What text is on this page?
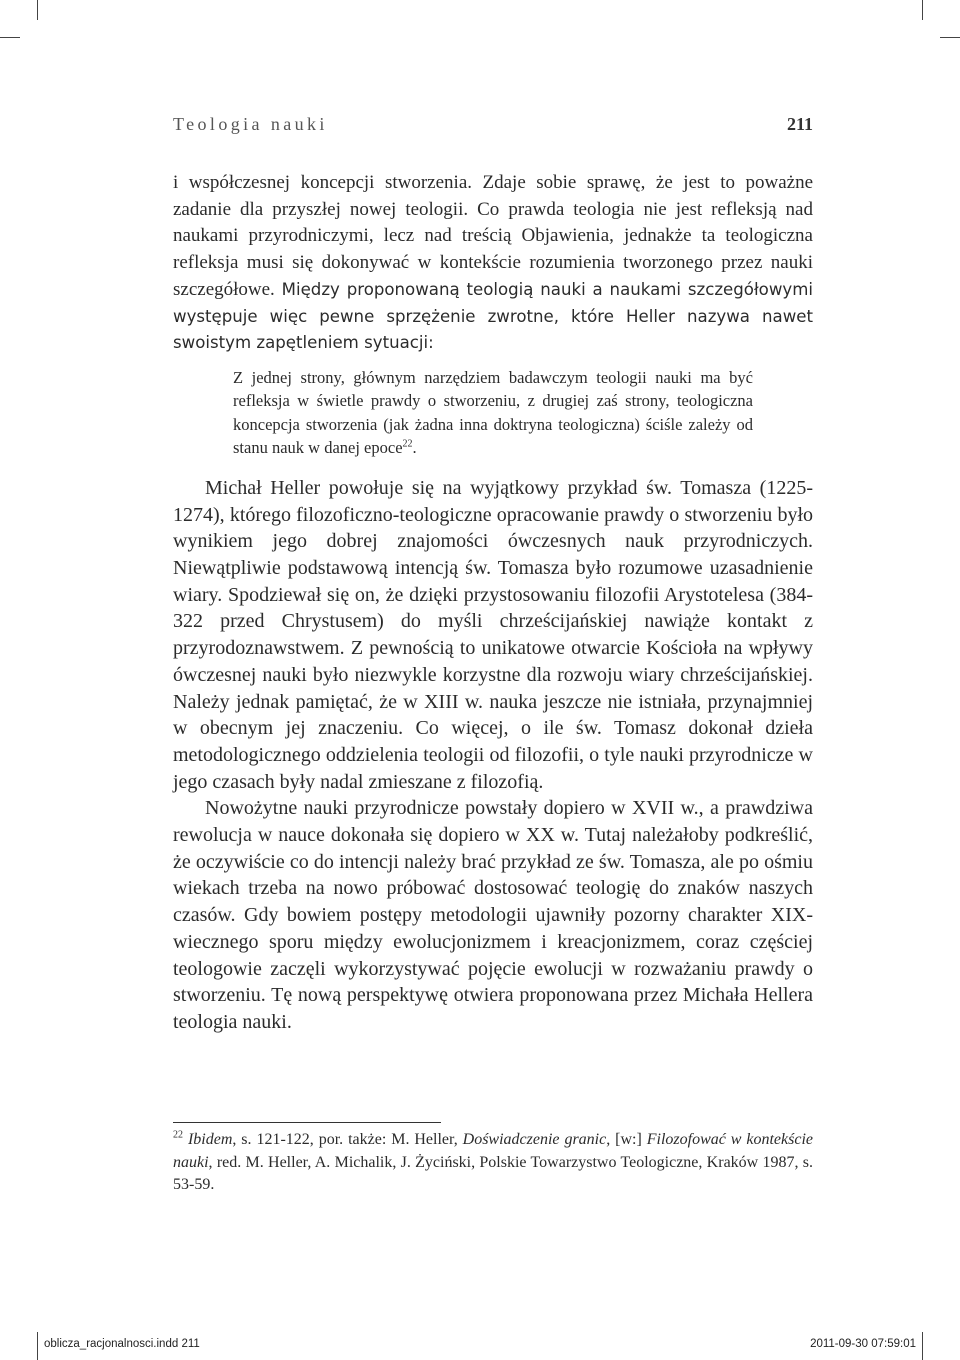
Teologia nauki	211

i współczesnej koncepcji stworzenia. Zdaje sobie sprawę, że jest to poważne zadanie dla przyszłej nowej teologii. Co prawda teologia nie jest refleksją nad naukami przyrodniczymi, lecz nad treścią Objawienia, jednakże ta teologiczna refleksja musi się dokonywać w kontekście rozumienia tworzonego przez nauki szczegółowe. Między proponowaną teologią nauki a naukami szczegółowymi występuje więc pewne sprzężenie zwrotne, które Heller nazywa nawet swoistym zapętleniem sytuacji:

Z jednej strony, głównym narzędziem badawczym teologii nauki ma być refleksja w świetle prawdy o stworzeniu, z drugiej zaś strony, teologiczna koncepcja stworzenia (jak żadna inna doktryna teologiczna) ściśle zależy od stanu nauk w danej epoce$^{22}$.

Michał Heller powołuje się na wyjątkowy przykład św. Tomasza (1225-1274), którego filozoficzno-teologiczne opracowanie prawdy o stworzeniu było wynikiem jego dobrej znajomości ówczesnych nauk przyrodniczych. Niewątpliwie podstawową intencją św. Tomasza było rozumowe uzasadnienie wiary. Spodziewał się on, że dzięki przystosowaniu filozofii Arystotelesa (384-322 przed Chrystusem) do myśli chrześcijańskiej nawiąże kontakt z przyrodoznawstwem. Z pewnością to unikatowe otwarcie Kościoła na wpływy ówczesnej nauki było niezwykle korzystne dla rozwoju wiary chrześcijańskiej. Należy jednak pamiętać, że w XIII w. nauka jeszcze nie istniała, przynajmniej w obecnym jej znaczeniu. Co więcej, o ile św. Tomasz dokonał dzieła metodologicznego oddzielenia teologii od filozofii, o tyle nauki przyrodnicze w jego czasach były nadal zmieszane z filozofią.

Nowożytne nauki przyrodnicze powstały dopiero w XVII w., a prawdziwa rewolucja w nauce dokonała się dopiero w XX w. Tutaj należałoby podkreślić, że oczywiście co do intencji należy brać przykład ze św. Tomasza, ale po ośmiu wiekach trzeba na nowo próbować dostosować teologię do znaków naszych czasów. Gdy bowiem postępy metodologii ujawniły pozorny charakter XIX-wiecznego sporu między ewolucjonizmem i kreacjonizmem, coraz częściej teologowie zaczęli wykorzystywać pojęcie ewolucji w rozważaniu prawdy o stworzeniu. Tę nową perspektywę otwiera proponowana przez Michała Hellera teologia nauki.

$^{22}$ Ibidem, s. 121-122, por. także: M. Heller, Doświadczenie granic, [w:] Filozofować w kontekście nauki, red. M. Heller, A. Michalik, J. Życiński, Polskie Towarzystwo Teologiczne, Kraków 1987, s. 53-59.
oblicza_racjonalnosci.indd 211	2011-09-30 07:59:01
